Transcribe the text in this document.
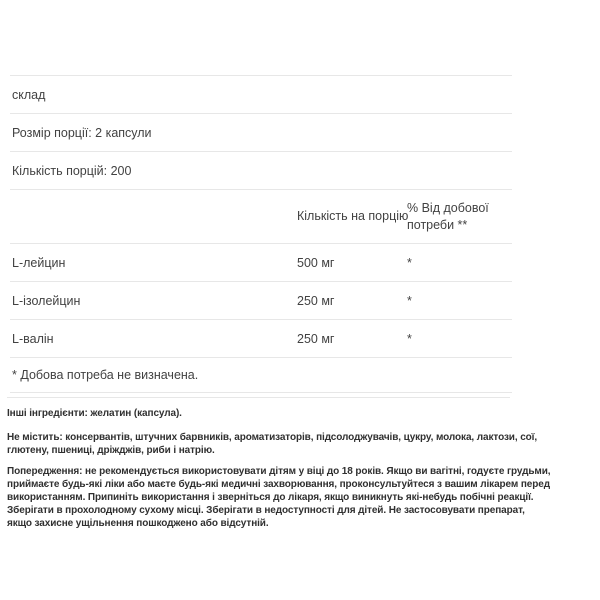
склад		
Розмір порції: 2 капсули		
Кількість порцій: 200		
	Кількість на порцію	% Від добової потреби **
L-лейцин	500 мг	*
L-ізолейцин	250 мг	*
L-валін	250 мг	*
* Добова потреба не визначена.		

Інші інгредієнти: желатин (капсула).

Не містить: консервантів, штучних барвників, ароматизаторів, підсолоджувачів, цукру, молока, лактози, сої, глютену, пшениці, дріжджів, риби і натрію.

Попередження: не рекомендується використовувати дітям у віці до 18 років. Якщо ви вагітні, годуєте грудьми, приймаєте будь-які ліки або маєте будь-які медичні захворювання, проконсультуйтеся з вашим лікарем перед використанням. Припиніть використання і зверніться до лікаря, якщо виникнуть які-небудь побічні реакції. Зберігати в прохолодному сухому місці. Зберігати в недоступності для дітей. Не застосовувати препарат, якщо захисне ущільнення пошкоджено або відсутній.
